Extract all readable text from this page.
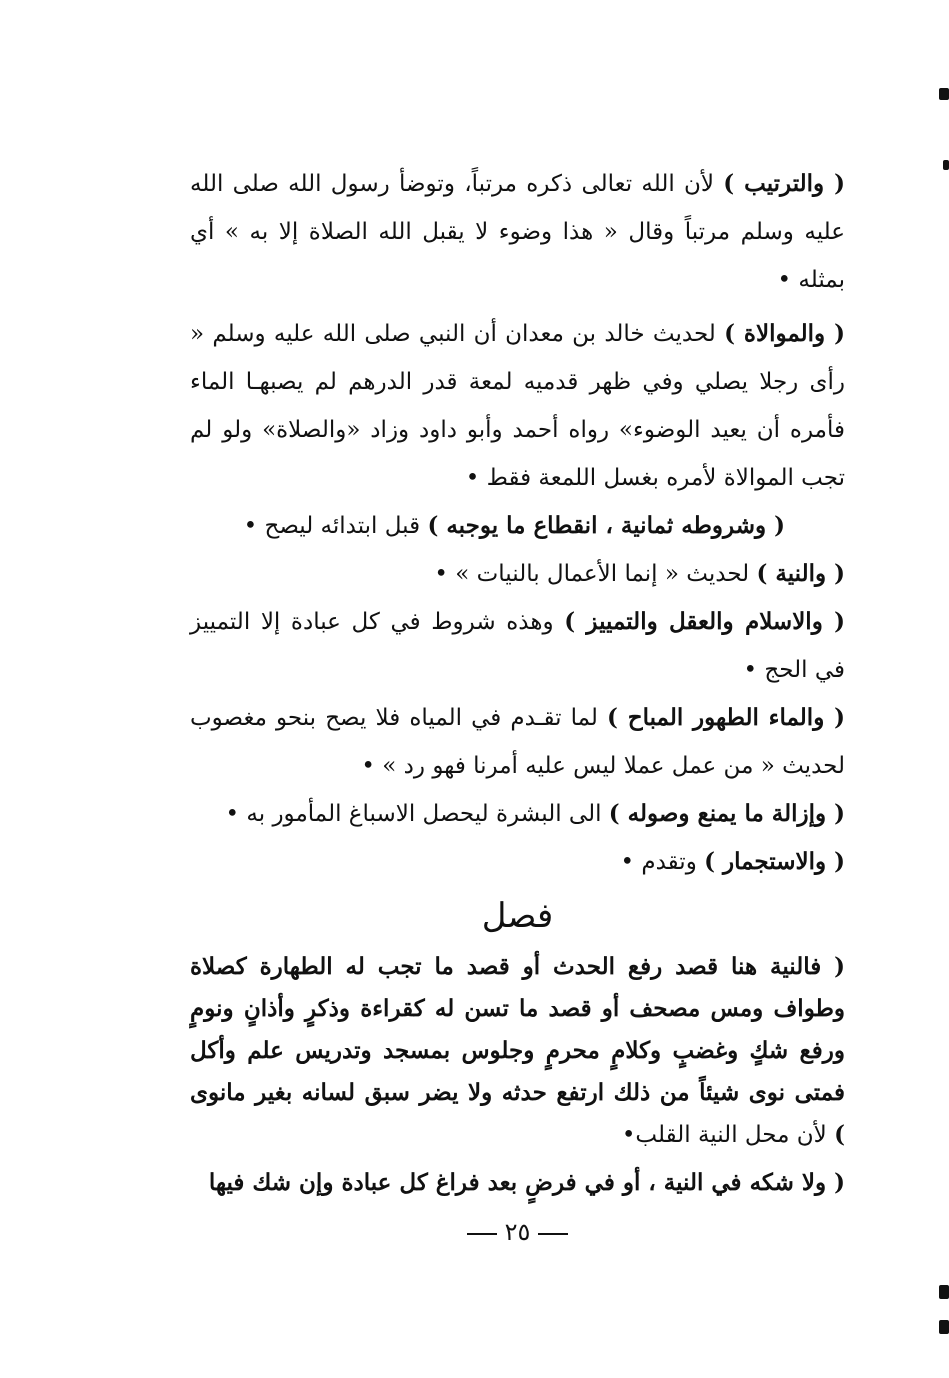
( والترتيب ) لأن الله تعالى ذكره مرتباً، وتوضأ رسول الله صلى الله عليه وسلم مرتباً وقال « هذا وضوء لا يقبل الله الصلاة إلا به » أي بمثله •

( والموالاة ) لحديث خالد بن معدان أن النبي صلى الله عليه وسلم « رأى رجلا يصلي وفي ظهر قدميه لمعة قدر الدرهم لم يصبهـا الماء فأمره أن يعيد الوضوء» رواه أحمد وأبو داود وزاد «والصلاة» ولو لم تجب الموالاة لأمره بغسل اللمعة فقط •

( وشروطه ثمانية ، انقطاع ما يوجبه ) قبل ابتدائه ليصح •

( والنية ) لحديث « إنما الأعمال بالنيات » •

( والاسلام والعقل والتمييز ) وهذه شروط في كل عبادة إلا التمييز في الحج •

( والماء الطهور المباح ) لما تقـدم في المياه فلا يصح بنحو مغصوب لحديث « من عمل عملا ليس عليه أمرنا فهو رد » •

( وإزالة ما يمنع وصوله ) الى البشرة ليحصل الاسباغ المأمور به •

( والاستجمار ) وتقدم •

فصل

( فالنية هنا قصد رفع الحدث أو قصد ما تجب له الطهارة كصلاة وطواف ومس مصحف أو قصد ما تسن له كقراءة وذكرٍ وأذانٍ ونومٍ ورفع شكٍ وغضبٍ وكلامٍ محرمٍ وجلوس بمسجد وتدريس علم وأكل فمتى نوى شيئاً من ذلك ارتفع حدثه ولا يضر سبق لسانه بغير مانوى ) لأن محل النية القلب•

( ولا شكه في النية ، أو في فرضٍ بعد فراغ كل عبادة وإن شك فيها

٢٥
